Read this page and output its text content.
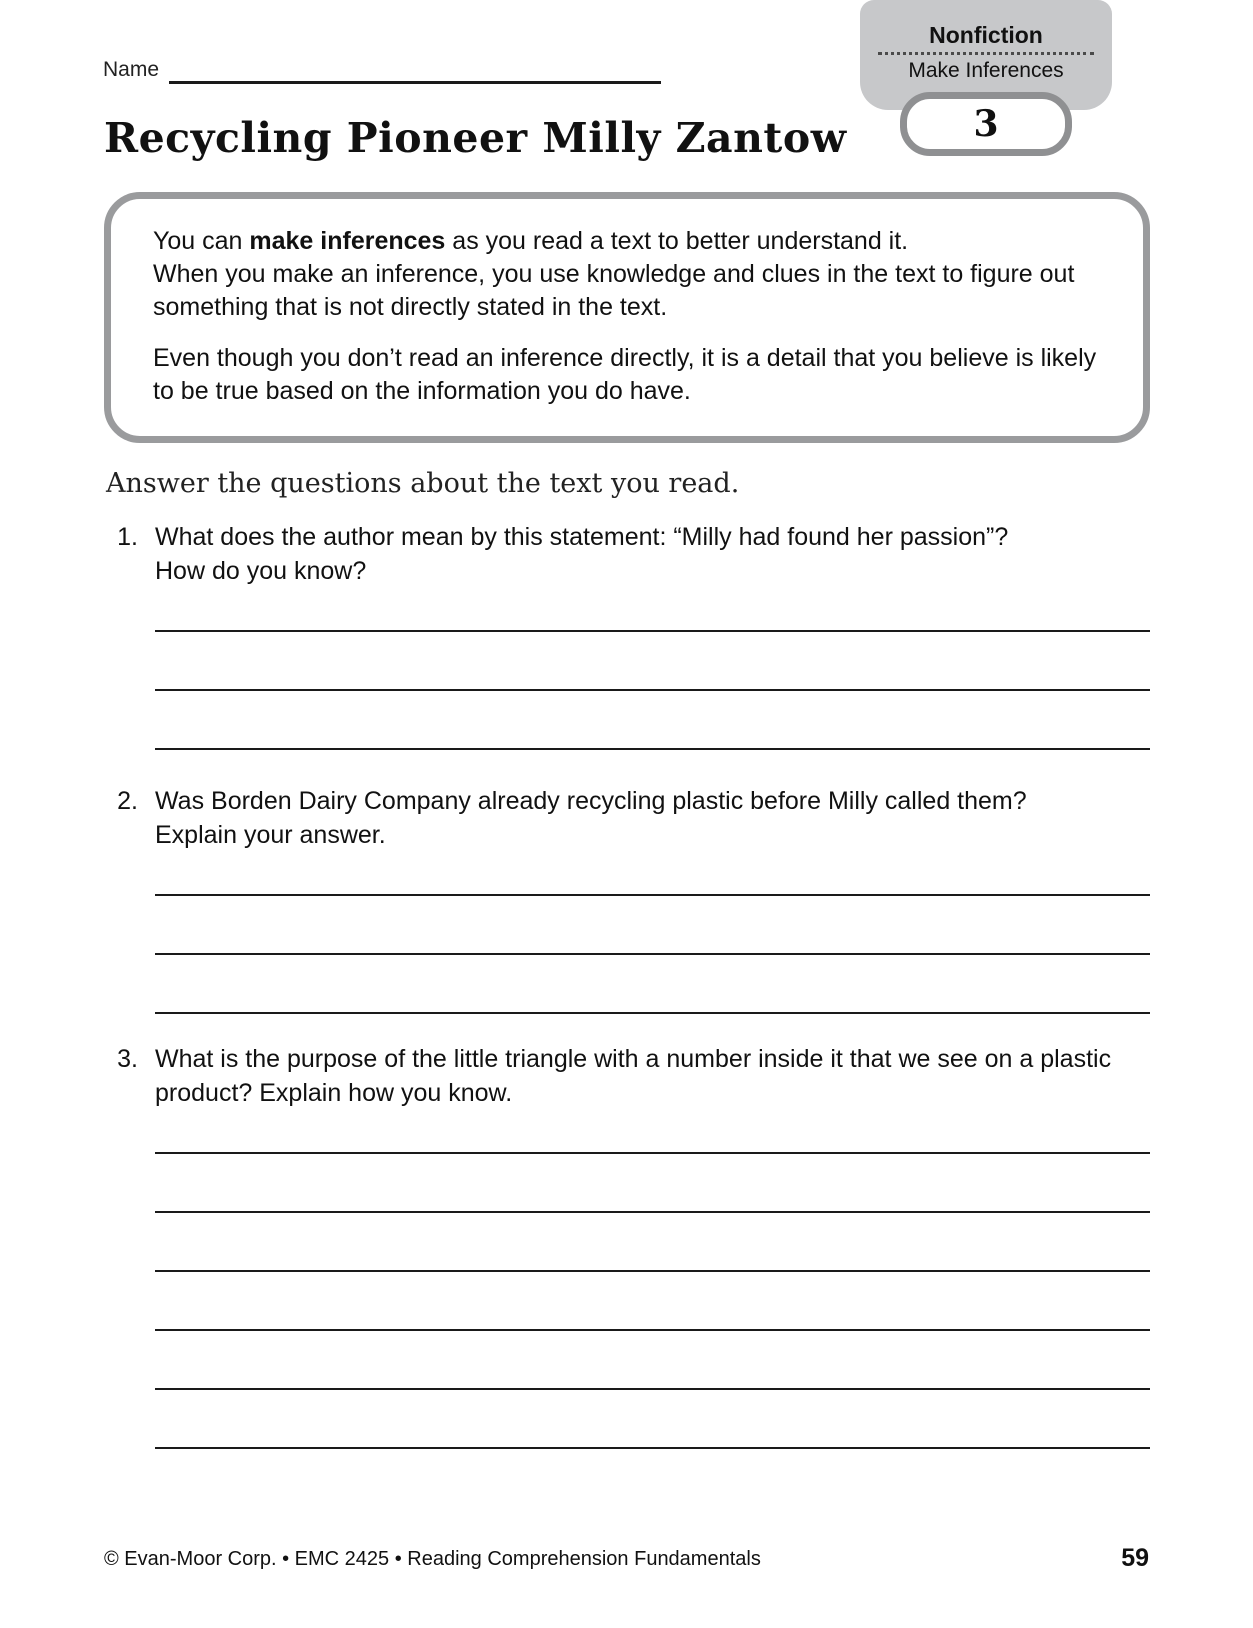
Nonfiction
Make Inferences
3
Name
Recycling Pioneer Milly Zantow

You can make inferences as you read a text to better understand it.
When you make an inference, you use knowledge and clues in the text to figure out something that is not directly stated in the text.

Even though you don’t read an inference directly, it is a detail that you believe is likely to be true based on the information you do have.

Answer the questions about the text you read.
1. What does the author mean by this statement: “Milly had found her passion”?
How do you know?
2. Was Borden Dairy Company already recycling plastic before Milly called them?
Explain your answer.
3. What is the purpose of the little triangle with a number inside it that we see on a plastic
product? Explain how you know.
© Evan-Moor Corp. • EMC 2425 • Reading Comprehension Fundamentals	59
